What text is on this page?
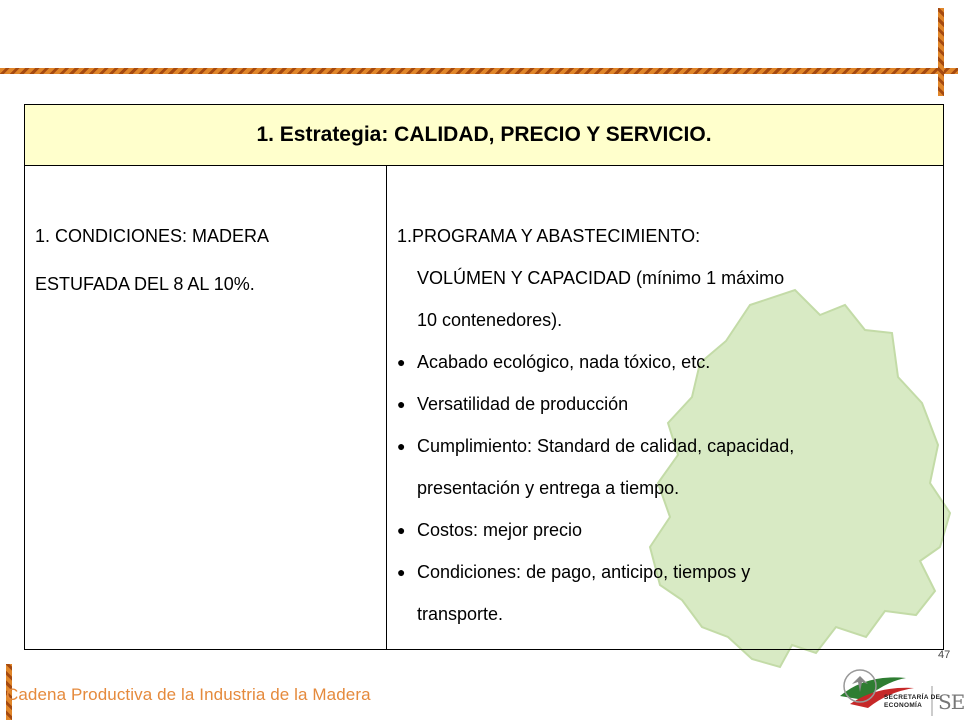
1. Estrategia: CALIDAD, PRECIO Y SERVICIO.
1. CONDICIONES: MADERA
ESTUFADA DEL 8 AL 10%.
1.PROGRAMA Y ABASTECIMIENTO:
VOLÚMEN Y CAPACIDAD (mínimo 1 máximo
10 contenedores).
● Acabado ecológico, nada tóxico, etc.
● Versatilidad de producción
● Cumplimiento: Standard de calidad, capacidad,
presentación y entrega a tiempo.
● Costos: mejor precio
● Condiciones: de pago, anticipo, tiempos y
transporte.
47
Cadena Productiva de la Industria de la Madera	SECRETARÍA DE
ECONOMÍA SE
